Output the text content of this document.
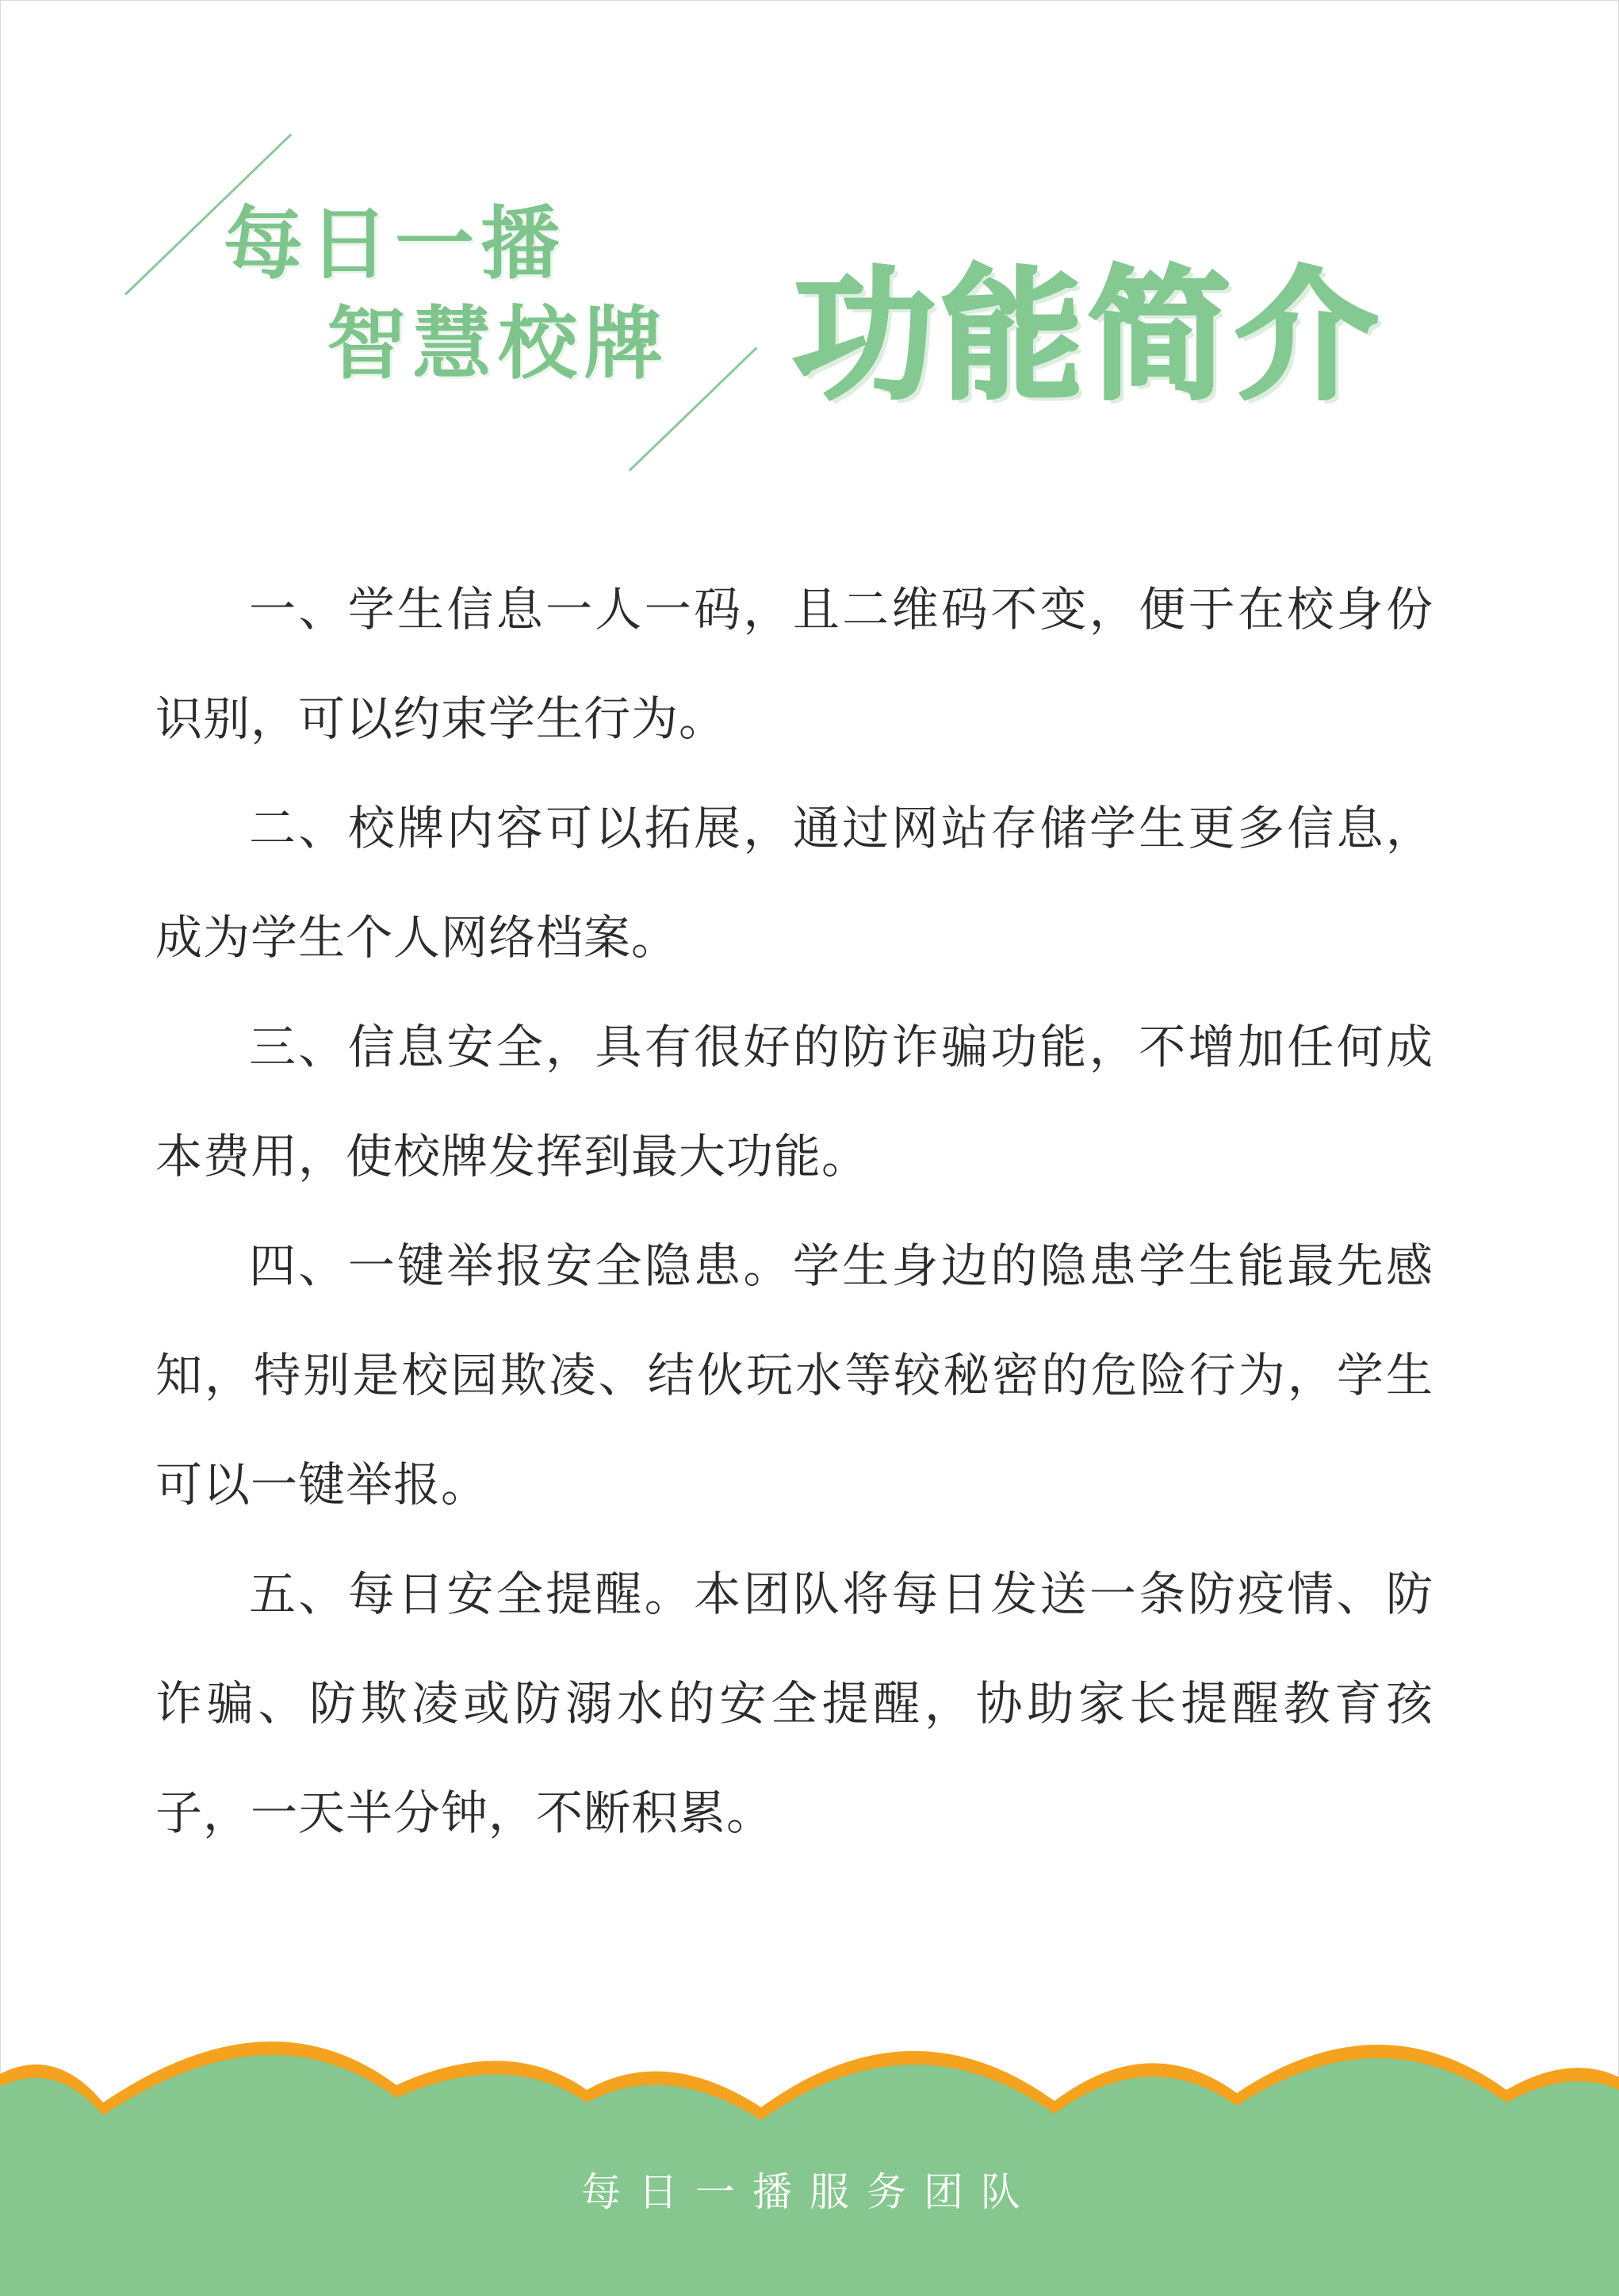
每日一播
智慧校牌 功能简介

一、学生信息一人一码，且二维码不变，便于在校身份识别，可以约束学生行为。

二、校牌内容可以拓展，通过网站存储学生更多信息，成为学生个人网络档案。

三、信息安全，具有很好的防诈骗功能，不增加任何成本费用，使校牌发挥到最大功能。

四、一键举报安全隐患。学生身边的隐患学生能最先感知，特别是校园欺凌、结伙玩水等较秘密的危险行为，学生可以一键举报。

五、每日安全提醒。本团队将每日发送一条防疫情、防诈骗、防欺凌或防溺水的安全提醒，协助家长提醒教育孩子，一天半分钟，不断积累。

每日一播服务团队
